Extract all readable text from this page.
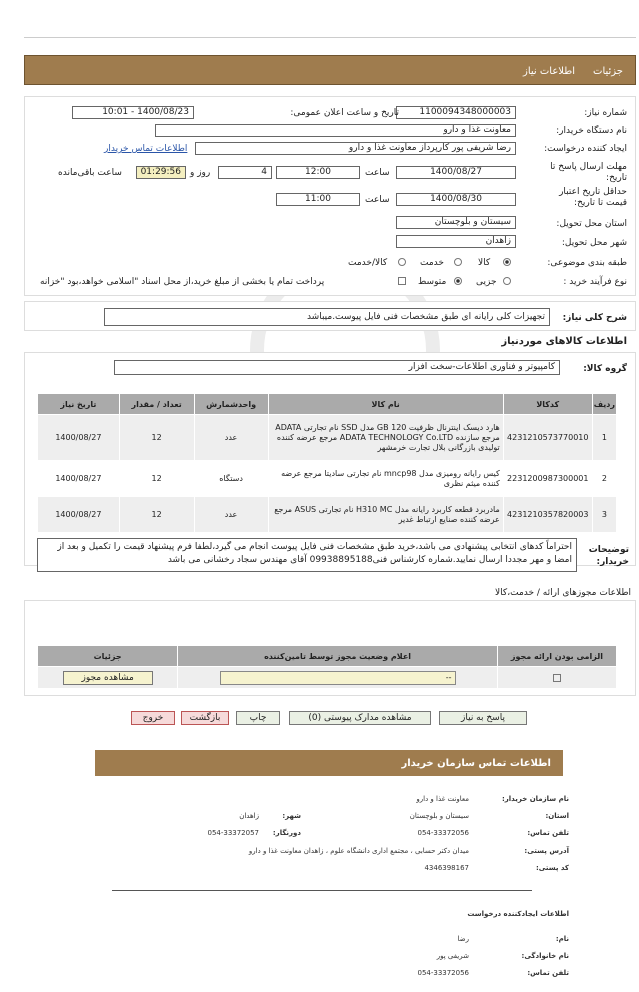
جزئیات
اطلاعات نیاز
شماره نیاز:
1100094348000003
تاریخ و ساعت اعلان عمومی:
1400/08/23 - 10:01
نام دستگاه خریدار:
معاونت غذا و دارو
ایجاد کننده درخواست:
رضا شریفی پور کارپرداز معاونت غذا و دارو
اطلاعات تماس خریدار
مهلت ارسال پاسخ تا تاریخ:
1400/08/27
ساعت
12:00
4
روز و
01:29:56
ساعت باقی‌مانده
حداقل تاریخ اعتبار قیمت تا تاریخ:
1400/08/30
ساعت
11:00
استان محل تحویل:
سیستان و بلوچستان
شهر محل تحویل:
زاهدان
طبقه بندی موضوعی:
کالا
خدمت
کالا/خدمت
نوع فرآیند خرید :
جزیی
متوسط
پرداخت تمام یا بخشی از مبلغ خرید،از محل اسناد "اسلامی خواهد،بود "خزانه
شرح کلی نیاز:
تجهیزات کلی رایانه ای طبق مشخصات فنی فایل پیوست.میباشد
اطلاعات کالاهای موردنیاز
گروه کالا:
کامپیوتر و فناوری اطلاعات-سخت افزار
ردیف	کدکالا	نام کالا	واحدشمارش	تعداد / مقدار	تاریخ نیاز
1	4231210573770010	هارد دیسک اینترنال ظرفیت 120 GB مدل SSD نام تجارتی ADATA مرجع سازنده ADATA TECHNOLOGY Co.LTD مرجع عرضه کننده تولیدی بازرگانی بلال تجارت خرمشهر	عدد	12	1400/08/27
2	2231200987300001	کیس رایانه رومیزی مدل mncp98 نام تجارتی سادیتا مرجع عرضه کننده میثم نظری	دستگاه	12	1400/08/27
3	4231210357820003	مادربرد قطعه کاربرد رایانه مدل H310 MC نام تجارتی ASUS مرجع عرضه کننده صنایع ارتباط غدیر	عدد	12	1400/08/27
توضیحات خریدار:
احتراماً کدهای انتخابی پیشنهادی می باشد،خرید طبق مشخصات فنی فایل پیوست انجام می گیرد،لطفا فرم پیشنهاد قیمت را تکمیل و بعد از امضا و مهر مجددا ارسال نمایید.شماره کارشناس فنی09938895188 آقای مهندس سجاد رخشانی می باشد
اطلاعات مجوزهای ارائه / خدمت،کالا
الزامی بودن ارائه مجوز	اعلام وضعیت مجوز توسط تامین‌کننده	جزئیات

	--	مشاهده مجوز
پاسخ به نیاز
مشاهده مدارک پیوستی (0)
چاپ
بازگشت
خروج
اطلاعات تماس سازمان خریدار
نام سازمان خریدار:
معاونت غذا و دارو
استان:
سیستان و بلوچستان
شهر:
زاهدان
تلفن تماس:
054-33372056
دورنگار:
054-33372057
آدرس پستی:
میدان دکتر حسابی ، مجتمع اداری دانشگاه علوم ، زاهدان معاونت غذا و دارو
کد پستی:
4346398167
اطلاعات ایجادکننده درخواست
نام:
رضا
نام خانوادگی:
شریفی پور
تلفن تماس:
054-33372056
